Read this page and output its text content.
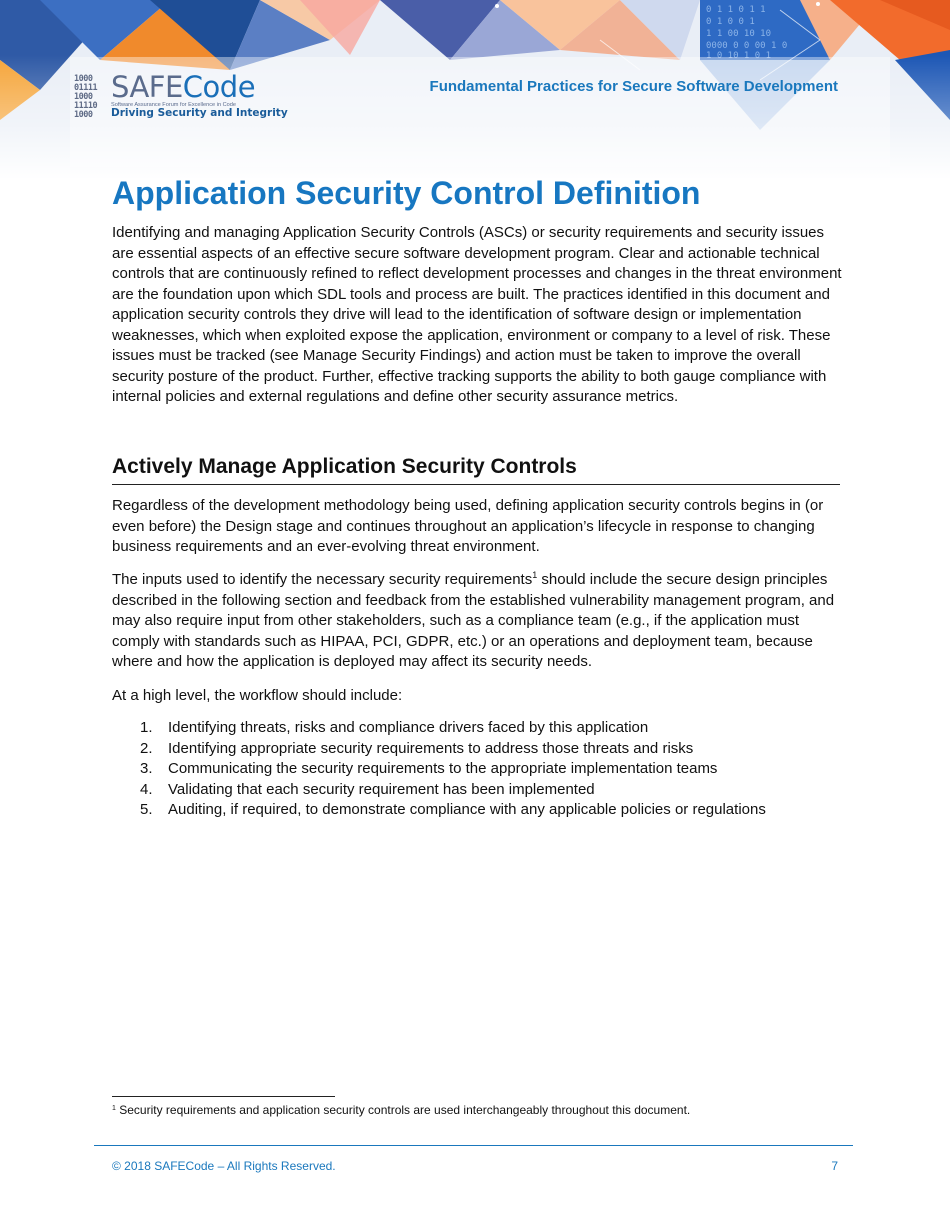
0 1 1 0 1 1
0 1 0 0 1
1 1 00 10 10
0000 0 0 00 1 0
1000
01111
1000
11110
1000
SAFECode
Software Assurance Forum for Excellence in Code
Driving Security and Integrity
Fundamental Practices for Secure Software Development
Application Security Control Definition

Identifying and managing Application Security Controls (ASCs) or security requirements and security issues are essential aspects of an effective secure software development program. Clear and actionable technical controls that are continuously refined to reflect development processes and changes in the threat environment are the foundation upon which SDL tools and process are built. The practices identified in this document and application security controls they drive will lead to the identification of software design or implementation weaknesses, which when exploited expose the application, environment or company to a level of risk. These issues must be tracked (see Manage Security Findings) and action must be taken to improve the overall security posture of the product. Further, effective tracking supports the ability to both gauge compliance with internal policies and external regulations and define other security assurance metrics.

Actively Manage Application Security Controls

Regardless of the development methodology being used, defining application security controls begins in (or even before) the Design stage and continues throughout an application’s lifecycle in response to changing business requirements and an ever-evolving threat environment.

The inputs used to identify the necessary security requirements$^1$ should include the secure design principles described in the following section and feedback from the established vulnerability management program, and may also require input from other stakeholders, such as a compliance team (e.g., if the application must comply with standards such as HIPAA, PCI, GDPR, etc.) or an operations and deployment team, because where and how the application is deployed may affect its security needs.

At a high level, the workflow should include:

1. Identifying threats, risks and compliance drivers faced by this application
2. Identifying appropriate security requirements to address those threats and risks
3. Communicating the security requirements to the appropriate implementation teams
4. Validating that each security requirement has been implemented
5. Auditing, if required, to demonstrate compliance with any applicable policies or regulations
$^1$ Security requirements and application security controls are used interchangeably throughout this document.
© 2018 SAFECode – All Rights Reserved.	7
